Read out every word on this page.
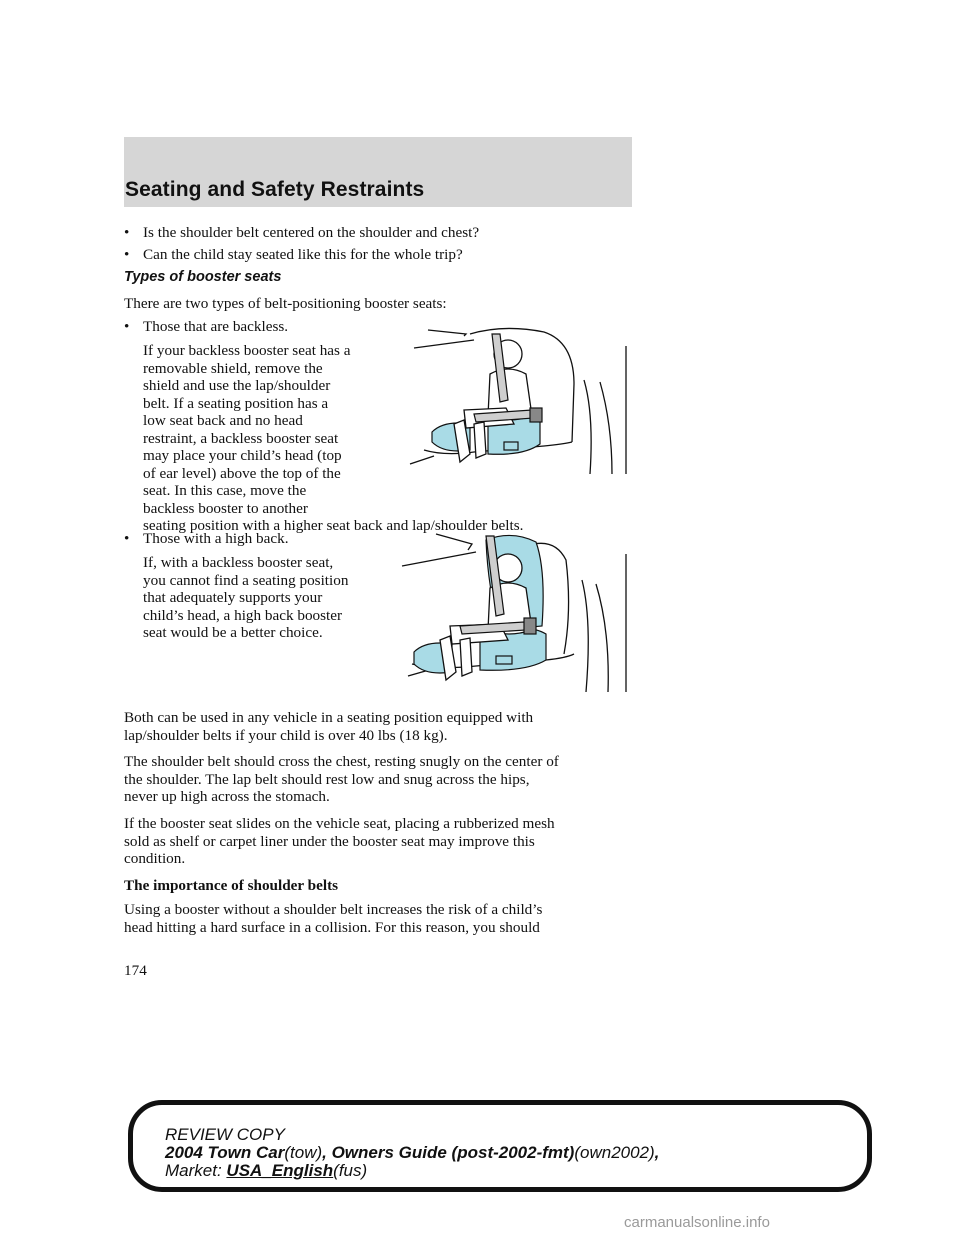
Seating and Safety Restraints
• Is the shoulder belt centered on the shoulder and chest?
• Can the child stay seated like this for the whole trip?
Types of booster seats
There are two types of belt-positioning booster seats:
• Those that are backless.
If your backless booster seat has a
removable shield, remove the
shield and use the lap/shoulder
belt. If a seating position has a
low seat back and no head
restraint, a backless booster seat
may place your child’s head (top
of ear level) above the top of the
seat. In this case, move the
backless booster to another
seating position with a higher seat back and lap/shoulder belts.
• Those with a high back.
If, with a backless booster seat,
you cannot find a seating position
that adequately supports your
child’s head, a high back booster
seat would be a better choice.
Both can be used in any vehicle in a seating position equipped with
lap/shoulder belts if your child is over 40 lbs (18 kg).
The shoulder belt should cross the chest, resting snugly on the center of
the shoulder. The lap belt should rest low and snug across the hips,
never up high across the stomach.
If the booster seat slides on the vehicle seat, placing a rubberized mesh
sold as shelf or carpet liner under the booster seat may improve this
condition.
The importance of shoulder belts
Using a booster without a shoulder belt increases the risk of a child’s
head hitting a hard surface in a collision. For this reason, you should
174
REVIEW COPY
2004 Town Car(tow), Owners Guide (post-2002-fmt)(own2002),
Market: USA_English(fus)
carmanualsonline.info
